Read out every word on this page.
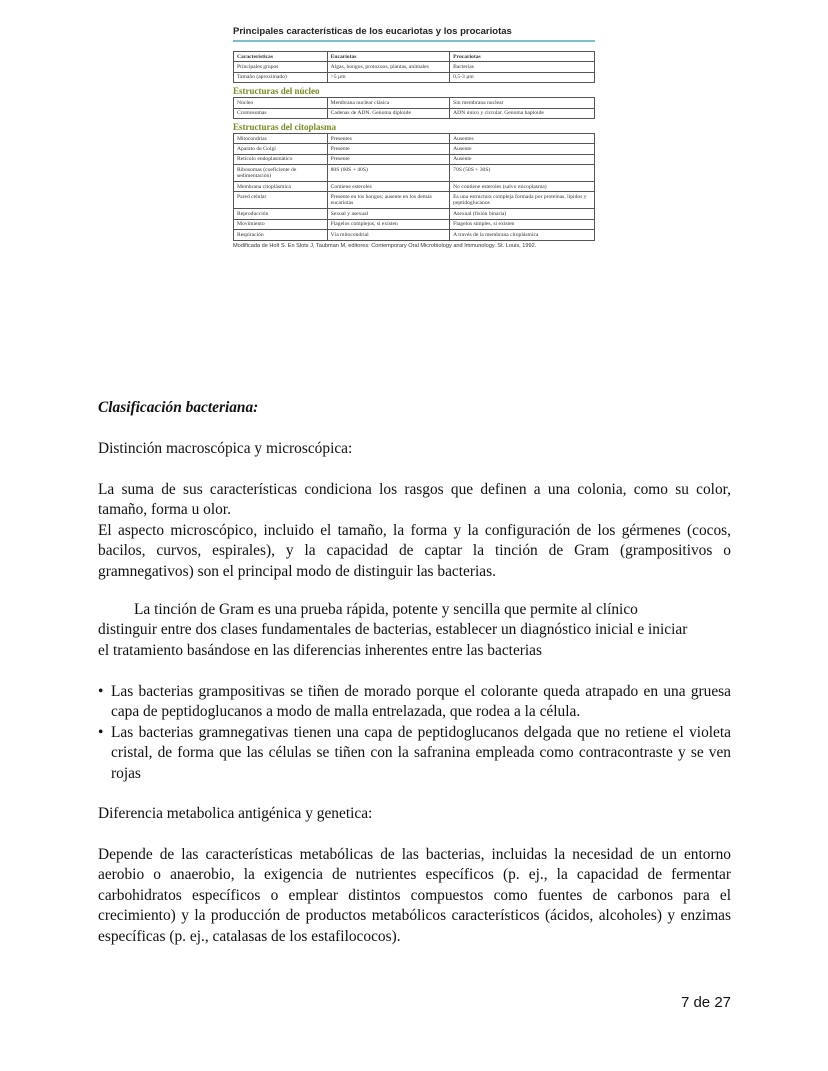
Principales características de los eucariotas y los procariotas
Características	Eucariotas	Procariotas
Principales grupos	Algas, hongos, protozoos, plantas, animales	Bacterias
Tamaño (aproximado)	>5 µm	0,5-3 µm
Estructuras del núcleo
Núcleo	Membrana nuclear clásica	Sin membrana nuclear
Cromosomas	Cadenas de ADN. Genoma diploide	ADN único y circular. Genoma haploide
Estructuras del citoplasma
Mitocondrias	Presentes	Ausentes
Aparato de Golgi	Presente	Ausente
Retículo endoplasmático	Presente	Ausente
Ribosomas (coeficiente de sedimentación)	80S (60S + 40S)	70S (50S + 30S)
Membrana citoplásmica	Contiene esteroles	No contiene esteroles (salvo micoplasma)
Pared celular	Presente en los hongos; ausente en los demás eucariotas	Es una estructura compleja formada por proteínas, lípidos y peptidoglucanos
Reproducción	Sexual y asexual	Asexual (fisión binaria)
Movimiento	Flagelos complejos, si existen	Flagelos simples, si existen
Respiración	Vía mitocondrial	A través de la membrana citoplásmica
Modificada de Holt S. En Slots J, Taubman M, editores: Contemporary Oral Microbiology and Immunology. St. Louis, 1992.

Clasificación bacteriana:

Distinción macroscópica y microscópica:

La suma de sus características condiciona los rasgos que definen a una colonia, como su color, tamaño, forma u olor.

El aspecto microscópico, incluido el tamaño, la forma y la configuración de los gérmenes (cocos, bacilos, curvos, espirales), y la capacidad de captar la tinción de Gram (grampositivos o gramnegativos) son el principal modo de distinguir las bacterias.

La tinción de Gram es una prueba rápida, potente y sencilla que permite al clínico distinguir entre dos clases fundamentales de bacterias, establecer un diagnóstico inicial e iniciar el tratamiento basándose en las diferencias inherentes entre las bacterias

• Las bacterias grampositivas se tiñen de morado porque el colorante queda atrapado en una gruesa capa de peptidoglucanos a modo de malla entrelazada, que rodea a la célula.
• Las bacterias gramnegativas tienen una capa de peptidoglucanos delgada que no retiene el violeta cristal, de forma que las células se tiñen con la safranina empleada como contracontraste y se ven rojas

Diferencia metabolica antigénica y genetica:

Depende de las características metabólicas de las bacterias, incluidas la necesidad de un entorno aerobio o anaerobio, la exigencia de nutrientes específicos (p. ej., la capacidad de fermentar carbohidratos específicos o emplear distintos compuestos como fuentes de carbonos para el crecimiento) y la producción de productos metabólicos característicos (ácidos, alcoholes) y enzimas específicas (p. ej., catalasas de los estafilococos).

7 de 27
